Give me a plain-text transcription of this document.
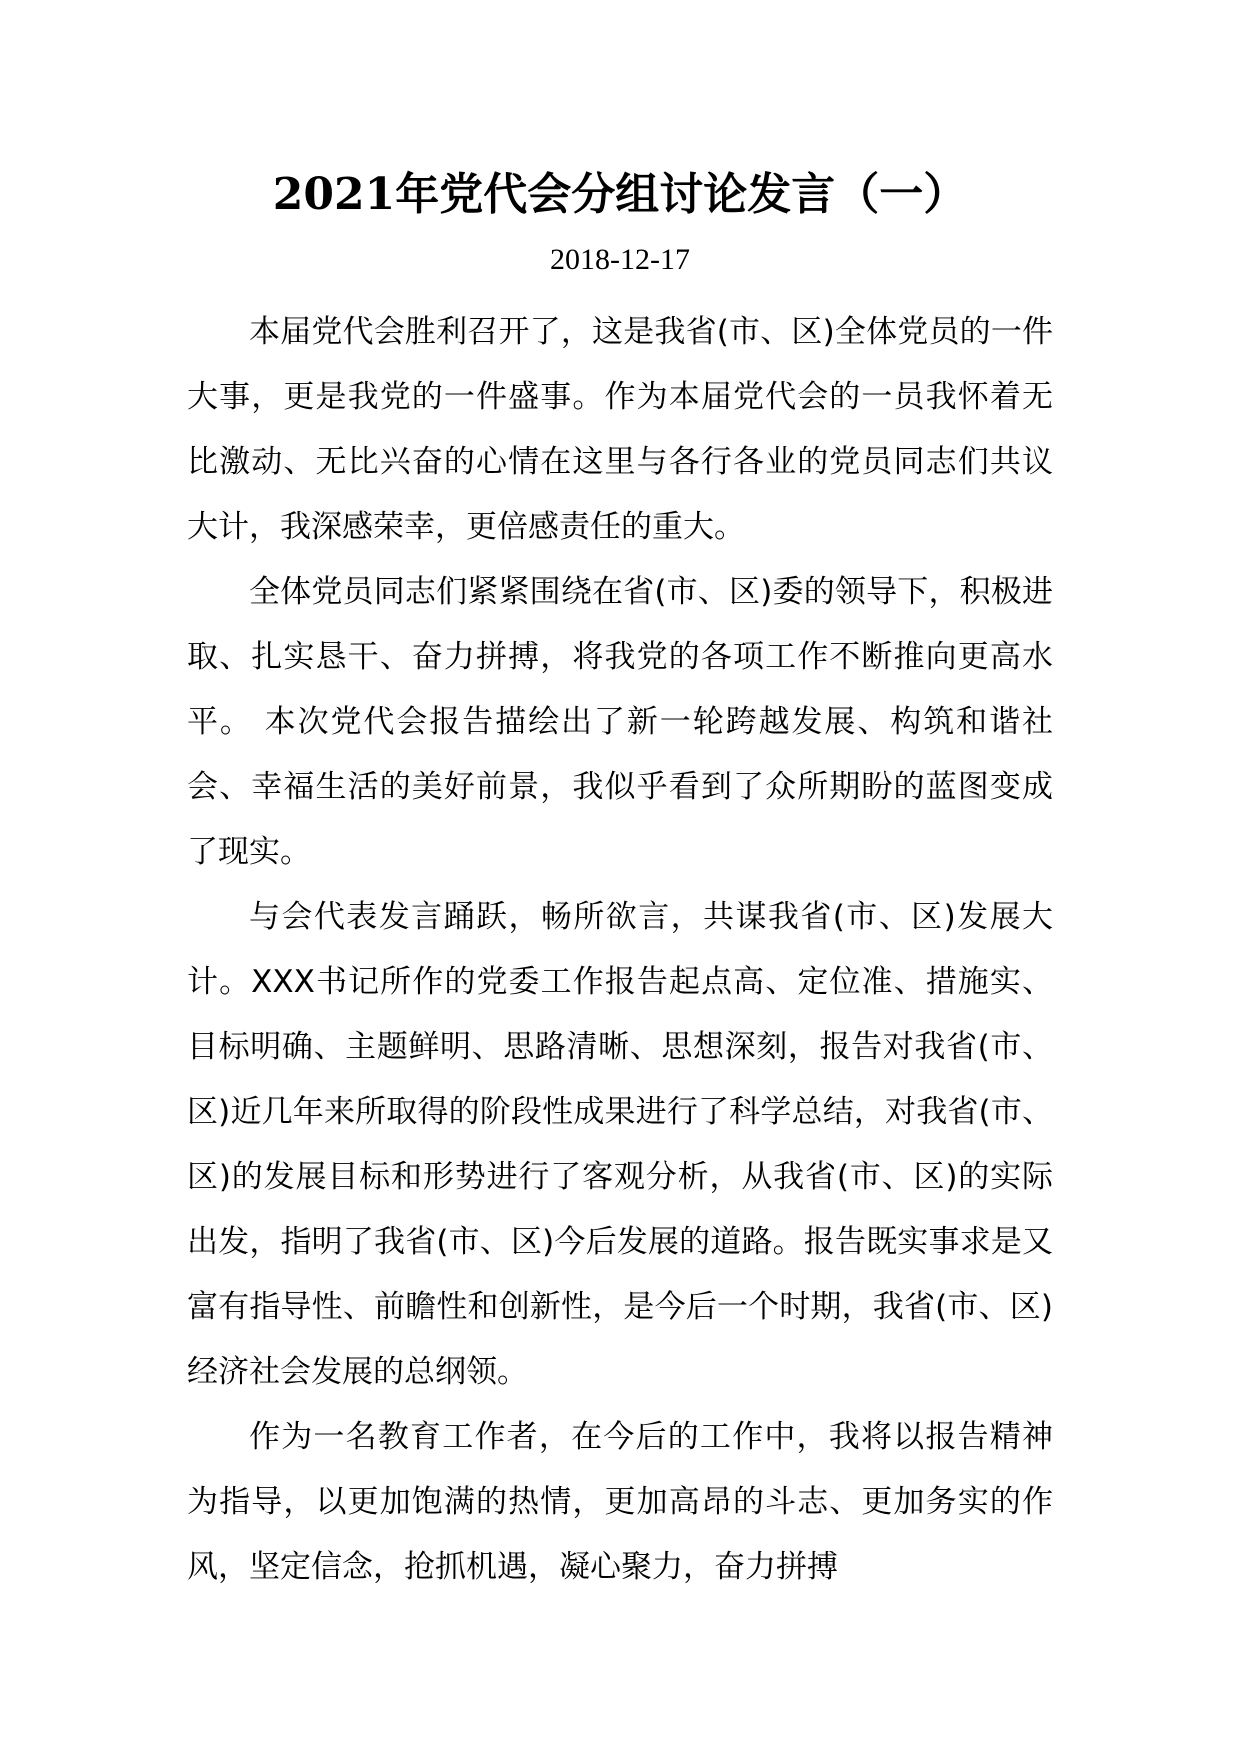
2021年党代会分组讨论发言（一）
2018-12-17

本届党代会胜利召开了，这是我省(市、区)全体党员的一件大事，更是我党的一件盛事。作为本届党代会的一员我怀着无比激动、无比兴奋的心情在这里与各行各业的党员同志们共议大计，我深感荣幸，更倍感责任的重大。

全体党员同志们紧紧围绕在省(市、区)委的领导下，积极进取、扎实恳干、奋力拼搏，将我党的各项工作不断推向更高水平。 本次党代会报告描绘出了新一轮跨越发展、构筑和谐社会、幸福生活的美好前景，我似乎看到了众所期盼的蓝图变成了现实。

与会代表发言踊跃，畅所欲言，共谋我省(市、区)发展大计。XXX书记所作的党委工作报告起点高、定位准、措施实、目标明确、主题鲜明、思路清晰、思想深刻，报告对我省(市、区)近几年来所取得的阶段性成果进行了科学总结，对我省(市、区)的发展目标和形势进行了客观分析，从我省(市、区)的实际出发，指明了我省(市、区)今后发展的道路。报告既实事求是又富有指导性、前瞻性和创新性，是今后一个时期，我省(市、区)经济社会发展的总纲领。

作为一名教育工作者，在今后的工作中，我将以报告精神为指导，以更加饱满的热情，更加高昂的斗志、更加务实的作风，坚定信念，抢抓机遇，凝心聚力，奋力拼搏
